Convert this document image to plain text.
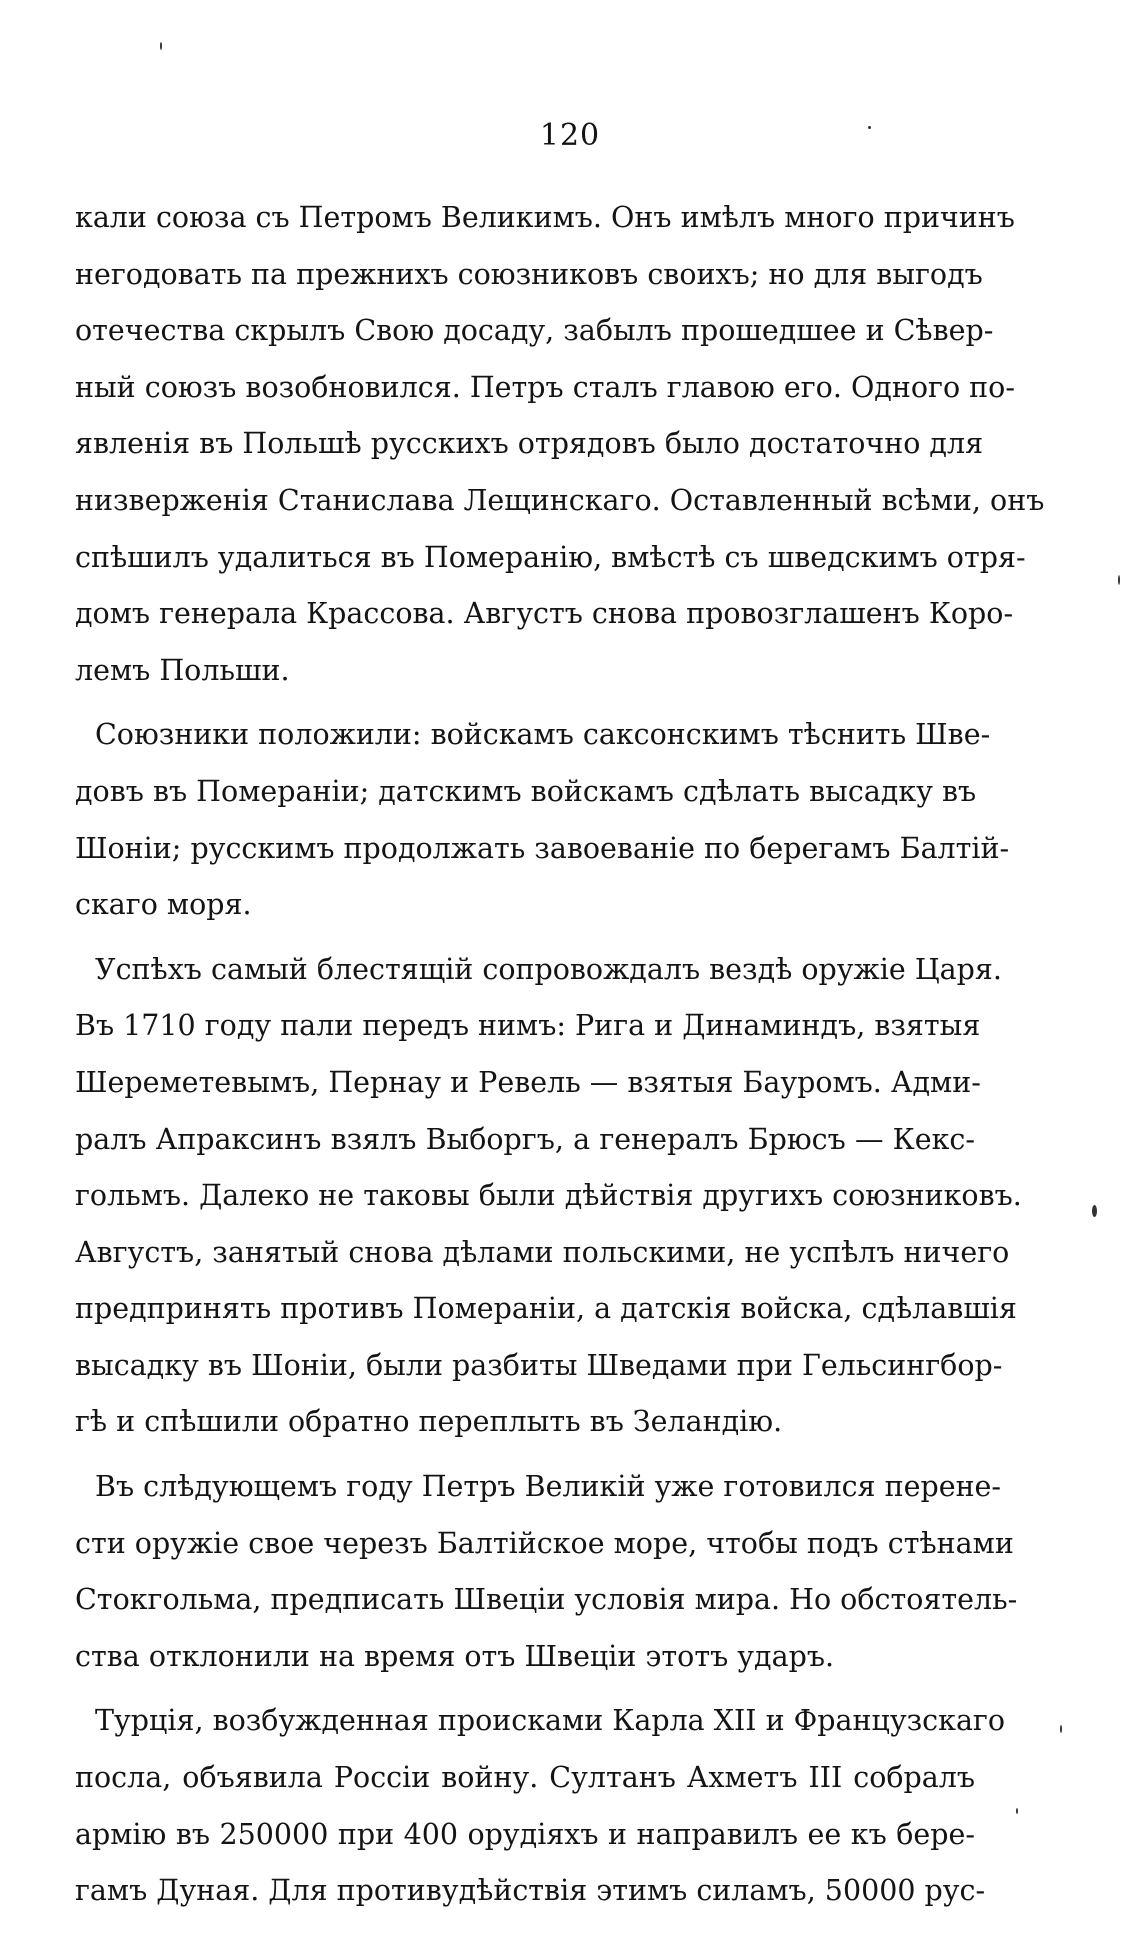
120
кали союза съ Петромъ Великимъ. Онъ имѣлъ много причинъ
негодовать па прежнихъ союзниковъ своихъ; но для выгодъ
отечества скрылъ Свою досаду, забылъ прошедшее и Сѣвер-
ный союзъ возобновился. Петръ сталъ главою его. Одного по-
явленія въ Польшѣ русскихъ отрядовъ было достаточно для
низверженія Станислава Лещинскаго. Оставленный всѣми, онъ
спѣшилъ удалиться въ Померанію, вмѣстѣ съ шведскимъ отря-
домъ генерала Крассова. Августъ снова провозглашенъ Коро-
лемъ Польши.
Союзники положили: войскамъ саксонскимъ тѣснить Шве-
довъ въ Помераніи; датскимъ войскамъ сдѣлать высадку въ
Шоніи; русскимъ продолжать завоеваніе по берегамъ Балтій-
скаго моря.
Успѣхъ самый блестящій сопровождалъ вездѣ оружіе Царя.
Въ 1710 году пали передъ нимъ: Рига и Динаминдъ, взятыя
Шереметевымъ, Пернау и Ревель — взятыя Бауромъ. Адми-
ралъ Апраксинъ взялъ Выборгъ, а генералъ Брюсъ — Кекс-
гольмъ. Далеко не таковы были дѣйствія другихъ союзниковъ.
Августъ, занятый снова дѣлами польскими, не успѣлъ ничего
предпринять противъ Помераніи, а датскія войска, сдѣлавшія
высадку въ Шоніи, были разбиты Шведами при Гельсингбор-
гѣ и спѣшили обратно переплыть въ Зеландію.
Въ слѣдующемъ году Петръ Великій уже готовился перене-
сти оружіе свое черезъ Балтійское море, чтобы подъ стѣнами
Стокгольма, предписать Швеціи условія мира. Но обстоятель-
ства отклонили на время отъ Швеціи этотъ ударъ.
Турція, возбужденная происками Карла XII и Французскаго
посла, объявила Россіи войну. Султанъ Ахметъ III собралъ
армію въ 250000 при 400 орудіяхъ и направилъ ее къ бере-
гамъ Дуная. Для противудѣйствія этимъ силамъ, 50000 рус-
